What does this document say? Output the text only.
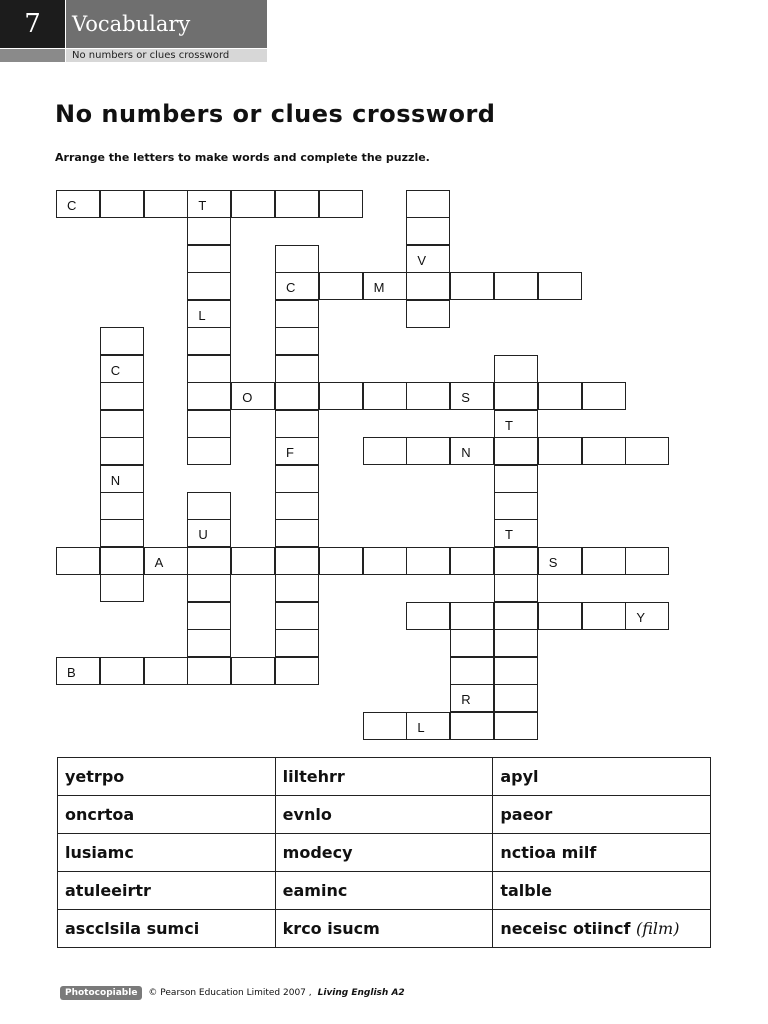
7	Vocabulary
No numbers or clues crossword
No numbers or clues crossword
Arrange the letters to make words and complete the puzzle.
C	T
L
V
C
F
M
C
N
T
T
O	S
N
U
A	S
Y
R
B
L
yetrpo	liltehrr	apyl
oncrtoa	evnlo	paeor
lusiamc	modecy	nctioa milf
atuleeirtr	eaminc	talble
ascclsila sumci	krco isucm	neceisc otiincf (film)
Photocopiable	© Pearson Education Limited 2007 , Living English A2
